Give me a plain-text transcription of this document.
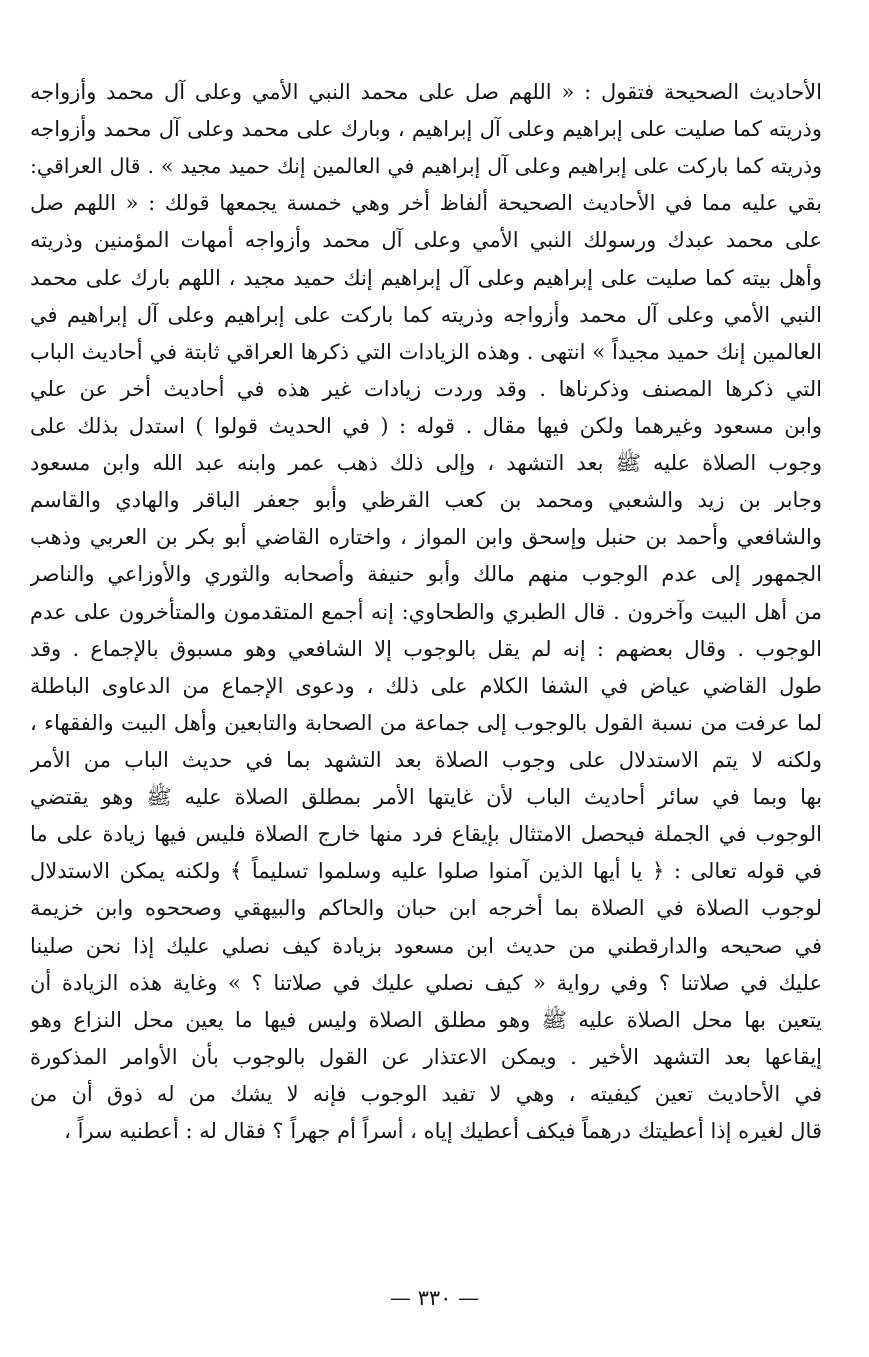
الأحاديث الصحيحة فتقول : « اللهم صل على محمد النبي الأمي وعلى آل محمد وأزواجه
وذريته كما صليت على إبراهيم وعلى آل إبراهيم ، وبارك على محمد وعلى آل محمد وأزواجه
وذريته كما باركت على إبراهيم وعلى آل إبراهيم في العالمين إنك حميد مجيد » . قال العراقي:
بقي عليه مما في الأحاديث الصحيحة ألفاظ أخر وهي خمسة يجمعها قولك : « اللهم صل
على محمد عبدك ورسولك النبي الأمي وعلى آل محمد وأزواجه أمهات المؤمنين وذريته
وأهل بيته كما صليت على إبراهيم وعلى آل إبراهيم إنك حميد مجيد ، اللهم بارك على محمد
النبي الأمي وعلى آل محمد وأزواجه وذريته كما باركت على إبراهيم وعلى آل إبراهيم في
العالمين إنك حميد مجيداً » انتهى . وهذه الزيادات التي ذكرها العراقي ثابتة في أحاديث الباب
التي ذكرها المصنف وذكرناها . وقد وردت زيادات غير هذه في أحاديث أخر عن علي
وابن مسعود وغيرهما ولكن فيها مقال . قوله : ( في الحديث قولوا ) استدل بذلك على
وجوب الصلاة عليه ﷺ بعد التشهد ، وإلى ذلك ذهب عمر وابنه عبد الله وابن مسعود
وجابر بن زيد والشعبي ومحمد بن كعب القرظي وأبو جعفر الباقر والهادي والقاسم
والشافعي وأحمد بن حنبل وإسحق وابن المواز ، واختاره القاضي أبو بكر بن العربي وذهب
الجمهور إلى عدم الوجوب منهم مالك وأبو حنيفة وأصحابه والثوري والأوزاعي والناصر
من أهل البيت وآخرون . قال الطبري والطحاوي: إنه أجمع المتقدمون والمتأخرون على عدم
الوجوب . وقال بعضهم : إنه لم يقل بالوجوب إلا الشافعي وهو مسبوق بالإجماع . وقد
طول القاضي عياض في الشفا الكلام على ذلك ، ودعوى الإجماع من الدعاوى الباطلة
لما عرفت من نسبة القول بالوجوب إلى جماعة من الصحابة والتابعين وأهل البيت والفقهاء ،
ولكنه لا يتم الاستدلال على وجوب الصلاة بعد التشهد بما في حديث الباب من الأمر
بها وبما في سائر أحاديث الباب لأن غايتها الأمر بمطلق الصلاة عليه ﷺ وهو يقتضي
الوجوب في الجملة فيحصل الامتثال بإيقاع فرد منها خارج الصلاة فليس فيها زيادة على ما
في قوله تعالى : ﴿ يا أيها الذين آمنوا صلوا عليه وسلموا تسليماً ﴾ ولكنه يمكن الاستدلال
لوجوب الصلاة في الصلاة بما أخرجه ابن حبان والحاكم والبيهقي وصححوه وابن خزيمة
في صحيحه والدارقطني من حديث ابن مسعود بزيادة كيف نصلي عليك إذا نحن صلينا
عليك في صلاتنا ؟ وفي رواية « كيف نصلي عليك في صلاتنا ؟ » وغاية هذه الزيادة أن
يتعين بها محل الصلاة عليه ﷺ وهو مطلق الصلاة وليس فيها ما يعين محل النزاع وهو
إيقاعها بعد التشهد الأخير . ويمكن الاعتذار عن القول بالوجوب بأن الأوامر المذكورة
في الأحاديث تعين كيفيته ، وهي لا تفيد الوجوب فإنه لا يشك من له ذوق أن من
قال لغيره إذا أعطيتك درهماً فيكف أعطيك إياه ، أسراً أم جهراً ؟ فقال له : أعطنيه سراً ،
— ٣٣٠ —
